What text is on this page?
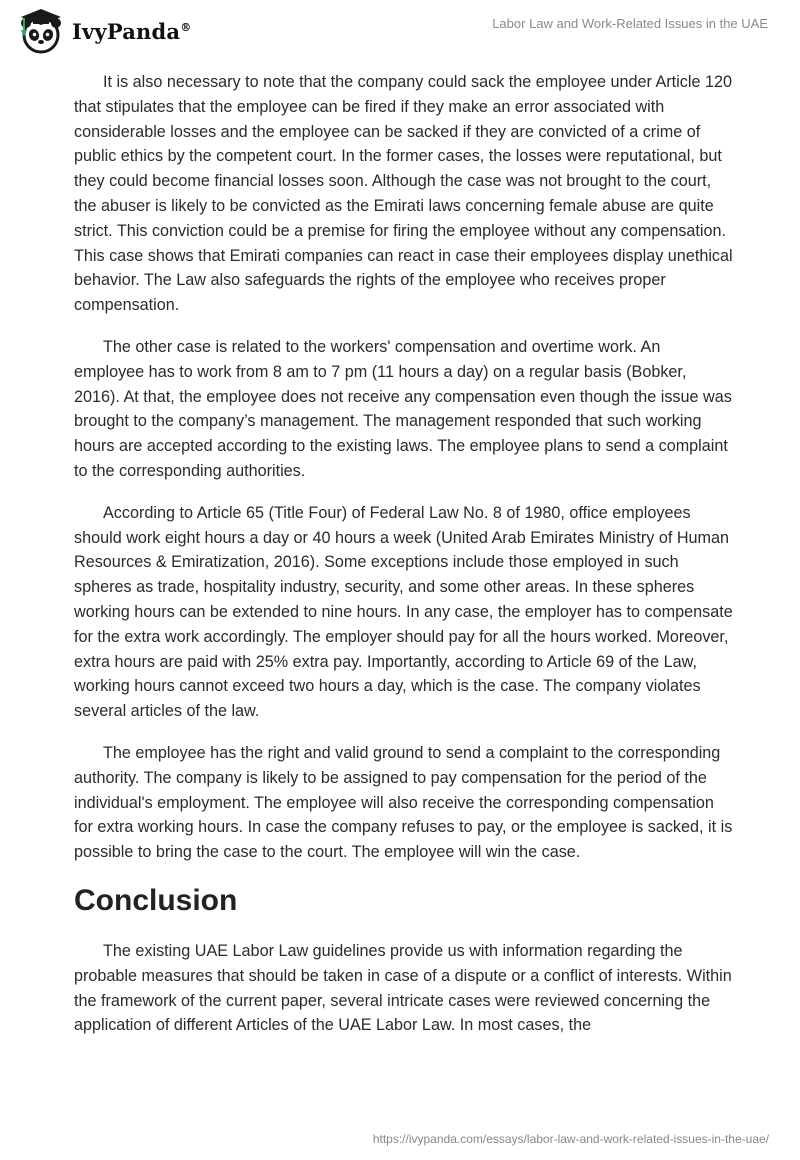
IvyPanda®	Labor Law and Work-Related Issues in the UAE

It is also necessary to note that the company could sack the employee under Article 120 that stipulates that the employee can be fired if they make an error associated with considerable losses and the employee can be sacked if they are convicted of a crime of public ethics by the competent court. In the former cases, the losses were reputational, but they could become financial losses soon. Although the case was not brought to the court, the abuser is likely to be convicted as the Emirati laws concerning female abuse are quite strict. This conviction could be a premise for firing the employee without any compensation. This case shows that Emirati companies can react in case their employees display unethical behavior. The Law also safeguards the rights of the employee who receives proper compensation.

The other case is related to the workers' compensation and overtime work. An employee has to work from 8 am to 7 pm (11 hours a day) on a regular basis (Bobker, 2016). At that, the employee does not receive any compensation even though the issue was brought to the company’s management. The management responded that such working hours are accepted according to the existing laws. The employee plans to send a complaint to the corresponding authorities.

According to Article 65 (Title Four) of Federal Law No. 8 of 1980, office employees should work eight hours a day or 40 hours a week (United Arab Emirates Ministry of Human Resources & Emiratization, 2016). Some exceptions include those employed in such spheres as trade, hospitality industry, security, and some other areas. In these spheres working hours can be extended to nine hours. In any case, the employer has to compensate for the extra work accordingly. The employer should pay for all the hours worked. Moreover, extra hours are paid with 25% extra pay. Importantly, according to Article 69 of the Law, working hours cannot exceed two hours a day, which is the case. The company violates several articles of the law.

The employee has the right and valid ground to send a complaint to the corresponding authority. The company is likely to be assigned to pay compensation for the period of the individual's employment. The employee will also receive the corresponding compensation for extra working hours. In case the company refuses to pay, or the employee is sacked, it is possible to bring the case to the court. The employee will win the case.

Conclusion

The existing UAE Labor Law guidelines provide us with information regarding the probable measures that should be taken in case of a dispute or a conflict of interests. Within the framework of the current paper, several intricate cases were reviewed concerning the application of different Articles of the UAE Labor Law. In most cases, the

https://ivypanda.com/essays/labor-law-and-work-related-issues-in-the-uae/
